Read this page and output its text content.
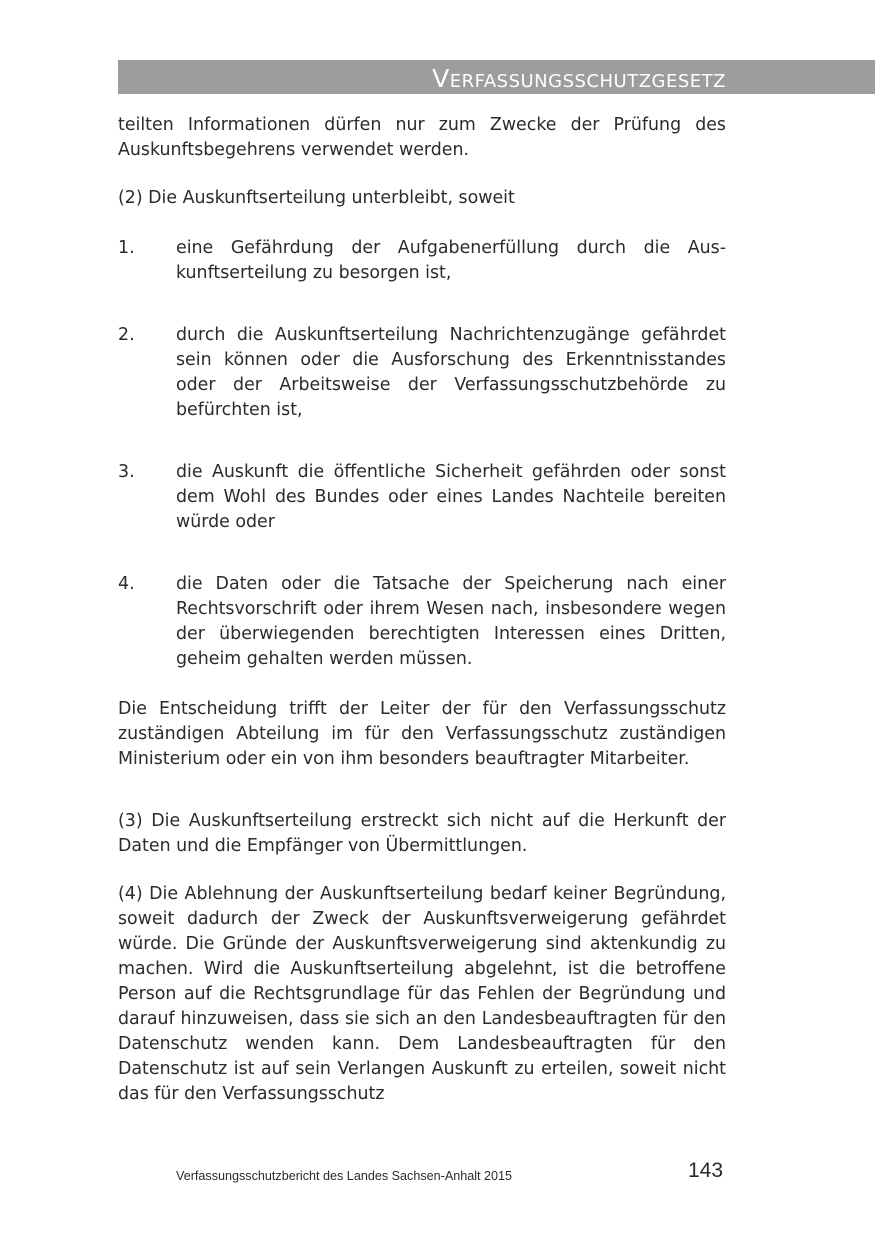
Verfassungsschutzgesetz

teilten Informationen dürfen nur zum Zwecke der Prüfung des Auskunftsbegehrens verwendet werden.

(2) Die Auskunftserteilung unterbleibt, soweit

1. eine Gefährdung der Aufgabenerfüllung durch die Auskunftserteilung zu besorgen ist,
2. durch die Auskunftserteilung Nachrichtenzugänge gefährdet sein können oder die Ausforschung des Erkenntnisstandes oder der Arbeitsweise der Verfassungsschutzbehörde zu befürchten ist,
3. die Auskunft die öffentliche Sicherheit gefährden oder sonst dem Wohl des Bundes oder eines Landes Nachteile bereiten würde oder
4. die Daten oder die Tatsache der Speicherung nach einer Rechtsvorschrift oder ihrem Wesen nach, insbesondere wegen der überwiegenden berechtigten Interessen eines Dritten, geheim gehalten werden müssen.

Die Entscheidung trifft der Leiter der für den Verfassungsschutz zuständigen Abteilung im für den Verfassungsschutz zuständigen Ministerium oder ein von ihm besonders beauftragter Mitarbeiter.

(3) Die Auskunftserteilung erstreckt sich nicht auf die Herkunft der Daten und die Empfänger von Übermittlungen.

(4) Die Ablehnung der Auskunftserteilung bedarf keiner Begründung, soweit dadurch der Zweck der Auskunftsverweigerung gefährdet würde. Die Gründe der Auskunftsverweigerung sind aktenkundig zu machen. Wird die Auskunftserteilung abgelehnt, ist die betroffene Person auf die Rechtsgrundlage für das Fehlen der Begründung und darauf hinzuweisen, dass sie sich an den Landesbeauftragten für den Datenschutz wenden kann. Dem Landesbeauftragten für den Datenschutz ist auf sein Verlangen Auskunft zu erteilen, soweit nicht das für den Verfassungsschutz

Verfassungsschutzbericht des Landes Sachsen-Anhalt 2015	143
